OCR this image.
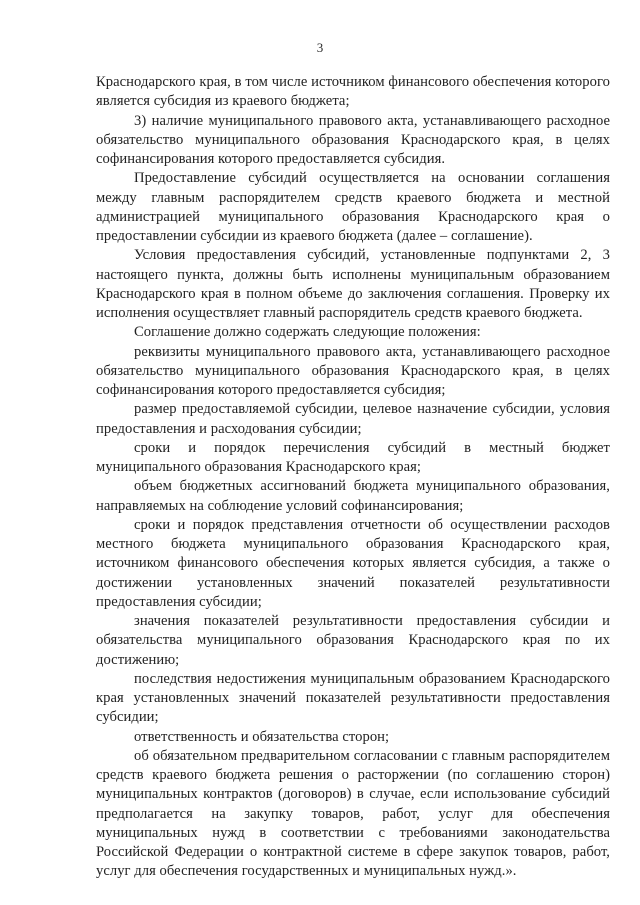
3

Краснодарского края, в том числе источником финансового обеспечения которого является субсидия из краевого бюджета;

3) наличие муниципального правового акта, устанавливающего расходное обязательство муниципального образования Краснодарского края, в целях софинансирования которого предоставляется субсидия.

Предоставление субсидий осуществляется на основании соглашения между главным распорядителем средств краевого бюджета и местной администрацией муниципального образования Краснодарского края о предоставлении субсидии из краевого бюджета (далее – соглашение).

Условия предоставления субсидий, установленные подпунктами 2, 3 настоящего пункта, должны быть исполнены муниципальным образованием Краснодарского края в полном объеме до заключения соглашения. Проверку их исполнения осуществляет главный распорядитель средств краевого бюджета.

Соглашение должно содержать следующие положения:

реквизиты муниципального правового акта, устанавливающего расходное обязательство муниципального образования Краснодарского края, в целях софинансирования которого предоставляется субсидия;

размер предоставляемой субсидии, целевое назначение субсидии, условия предоставления и расходования субсидии;

сроки и порядок перечисления субсидий в местный бюджет муниципального образования Краснодарского края;

объем бюджетных ассигнований бюджета муниципального образования, направляемых на соблюдение условий софинансирования;

сроки и порядок представления отчетности об осуществлении расходов местного бюджета муниципального образования Краснодарского края, источником финансового обеспечения которых является субсидия, а также о достижении установленных значений показателей результативности предоставления субсидии;

значения показателей результативности предоставления субсидии и обязательства муниципального образования Краснодарского края по их достижению;

последствия недостижения муниципальным образованием Краснодарского края установленных значений показателей результативности предоставления субсидии;

ответственность и обязательства сторон;

об обязательном предварительном согласовании с главным распорядителем средств краевого бюджета решения о расторжении (по соглашению сторон) муниципальных контрактов (договоров) в случае, если использование субсидий предполагается на закупку товаров, работ, услуг для обеспечения муниципальных нужд в соответствии с требованиями законодательства Российской Федерации о контрактной системе в сфере закупок товаров, работ, услуг для обеспечения государственных и муниципальных нужд.».
